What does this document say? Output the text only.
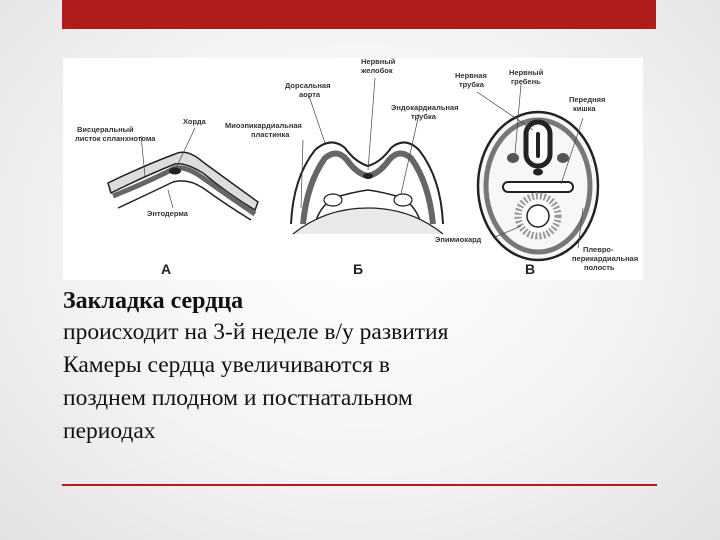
Висцеральный
листок спланхнотома
Хорда
Энтодерма
Дорсальная
аорта
Миоэпикардиальная
пластинка
Нервный
желобок
Нервная
трубка
Нервный
гребень
Эндокардиальная
трубка
Передняя
кишка
Эпимиокард
Плевро-
перикардиальная
полость
А	Б	В
Закладка сердца
происходит на 3-й неделе в/у развития
Камеры сердца увеличиваются в
позднем плодном и постнатальном
периодах
